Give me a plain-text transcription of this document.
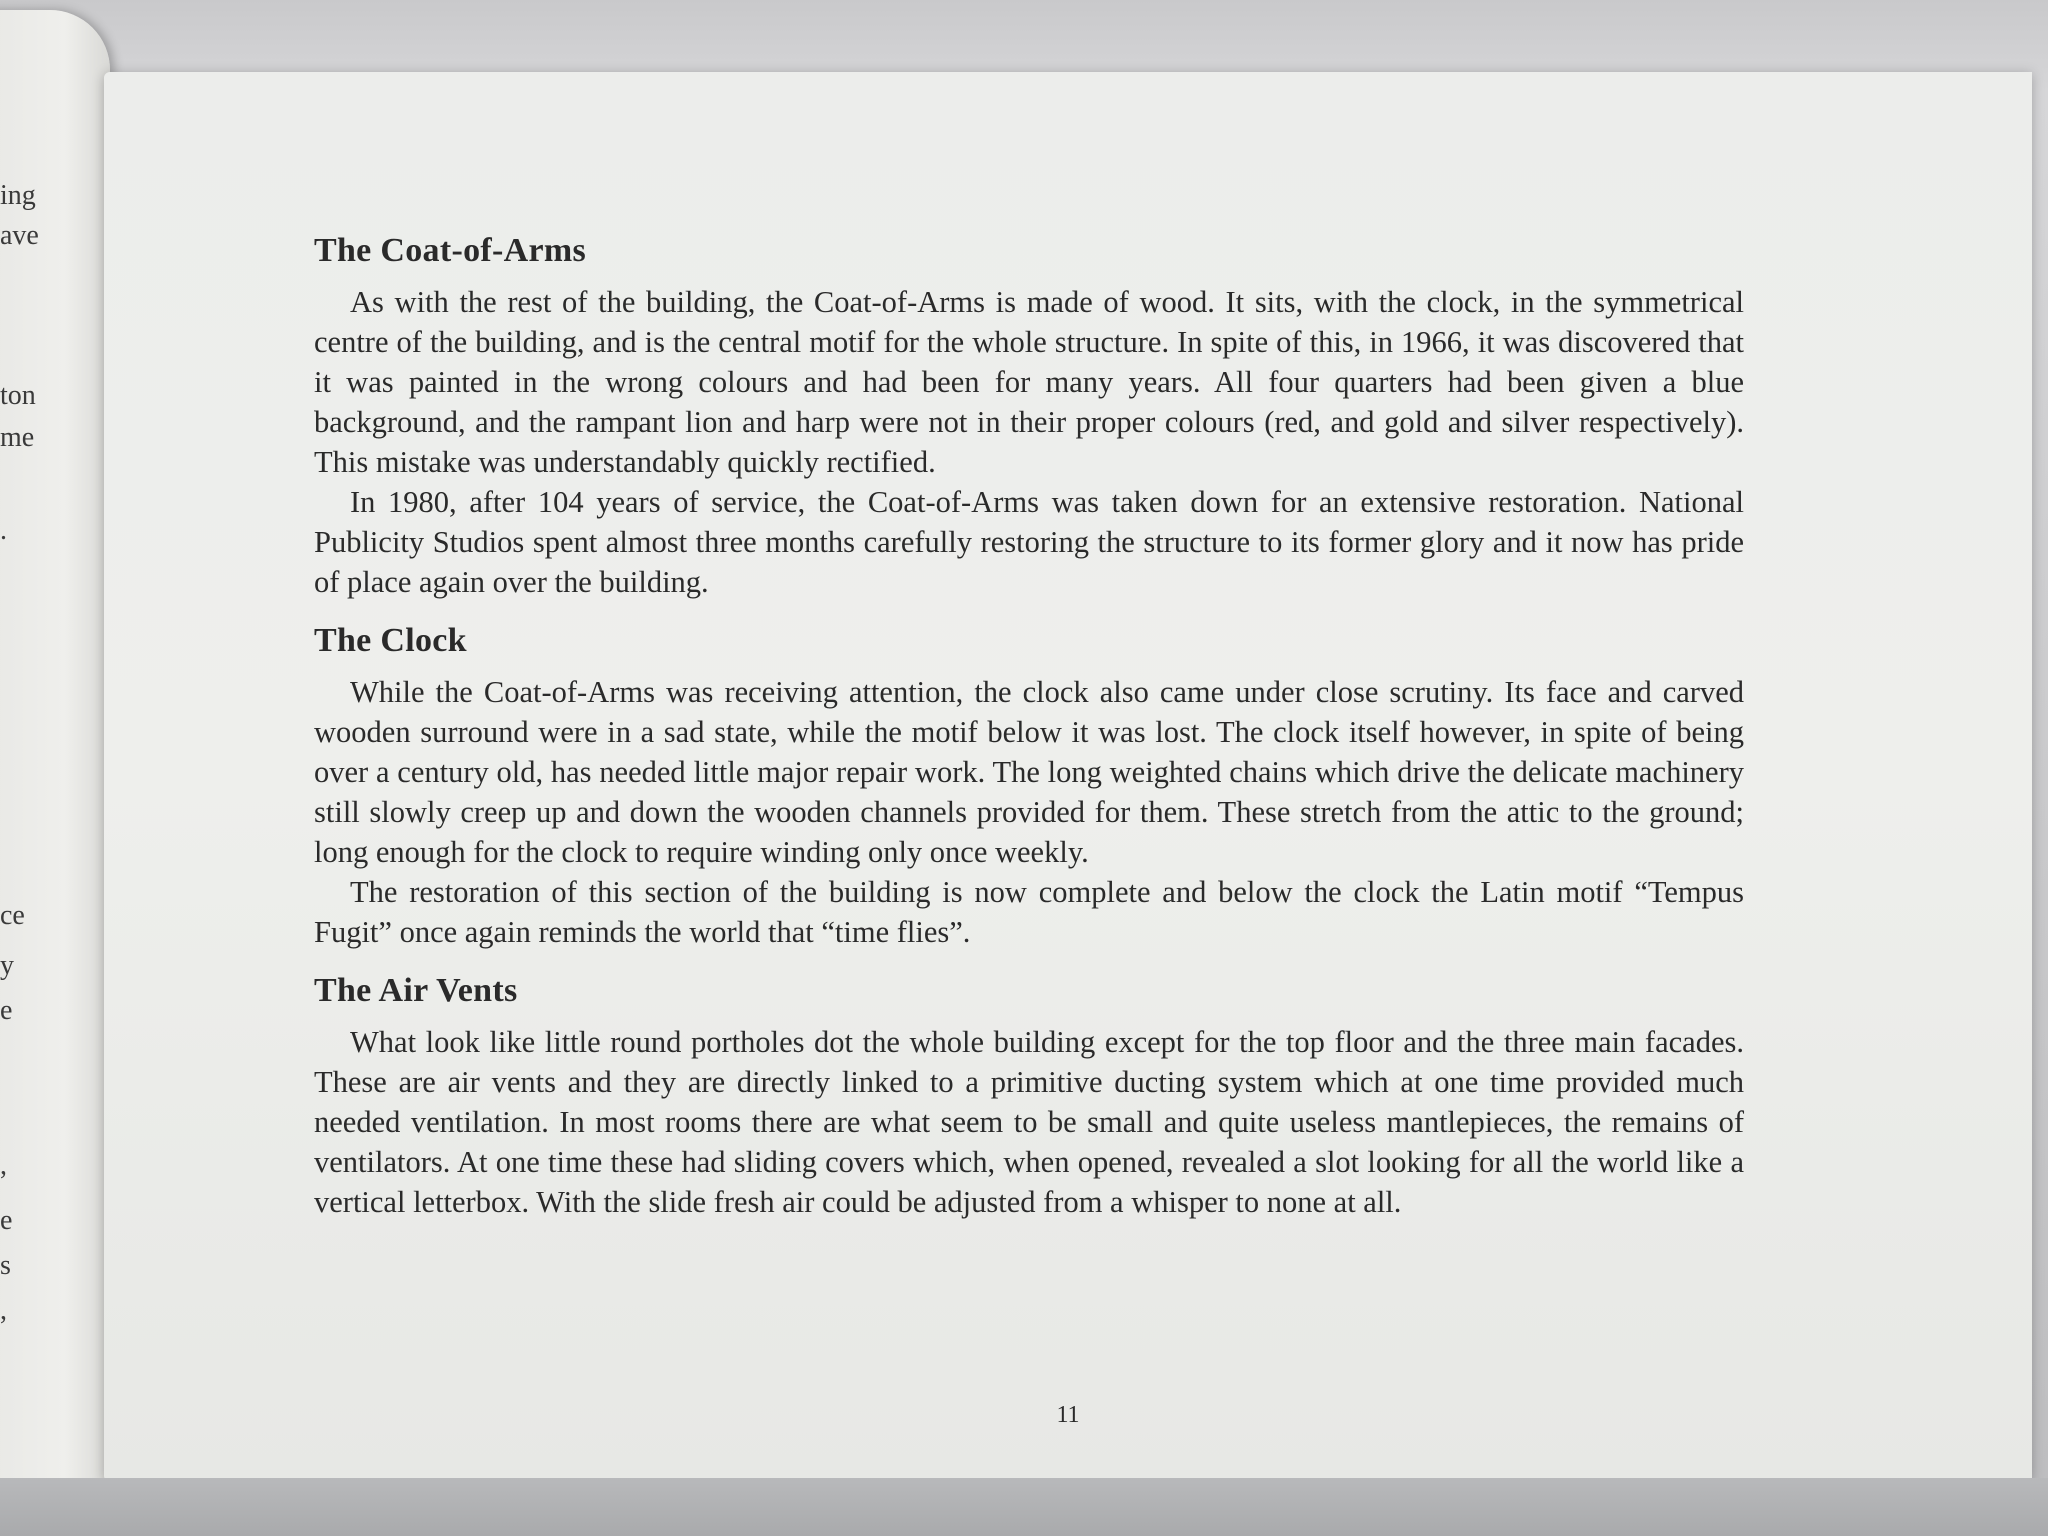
ing
ave
ton
me
.
ce
y
e
,
e
s
,
The Coat-of-Arms

As with the rest of the building, the Coat-of-Arms is made of wood. It sits, with the clock, in the symmetrical centre of the building, and is the central motif for the whole structure. In spite of this, in 1966, it was discovered that it was painted in the wrong colours and had been for many years. All four quarters had been given a blue background, and the rampant lion and harp were not in their proper colours (red, and gold and silver respectively). This mistake was understandably quickly rectified.

In 1980, after 104 years of service, the Coat-of-Arms was taken down for an extensive restoration. National Publicity Studios spent almost three months carefully restoring the structure to its former glory and it now has pride of place again over the building.

The Clock

While the Coat-of-Arms was receiving attention, the clock also came under close scrutiny. Its face and carved wooden surround were in a sad state, while the motif below it was lost. The clock itself however, in spite of being over a century old, has needed little major repair work. The long weighted chains which drive the delicate machinery still slowly creep up and down the wooden channels provided for them. These stretch from the attic to the ground; long enough for the clock to require winding only once weekly.

The restoration of this section of the building is now complete and below the clock the Latin motif “Tempus Fugit” once again reminds the world that “time flies”.

The Air Vents

What look like little round portholes dot the whole building except for the top floor and the three main facades. These are air vents and they are directly linked to a primitive ducting system which at one time provided much needed ventilation. In most rooms there are what seem to be small and quite useless mantlepieces, the remains of ventilators. At one time these had sliding covers which, when opened, revealed a slot looking for all the world like a vertical letterbox. With the slide fresh air could be adjusted from a whisper to none at all.

11
